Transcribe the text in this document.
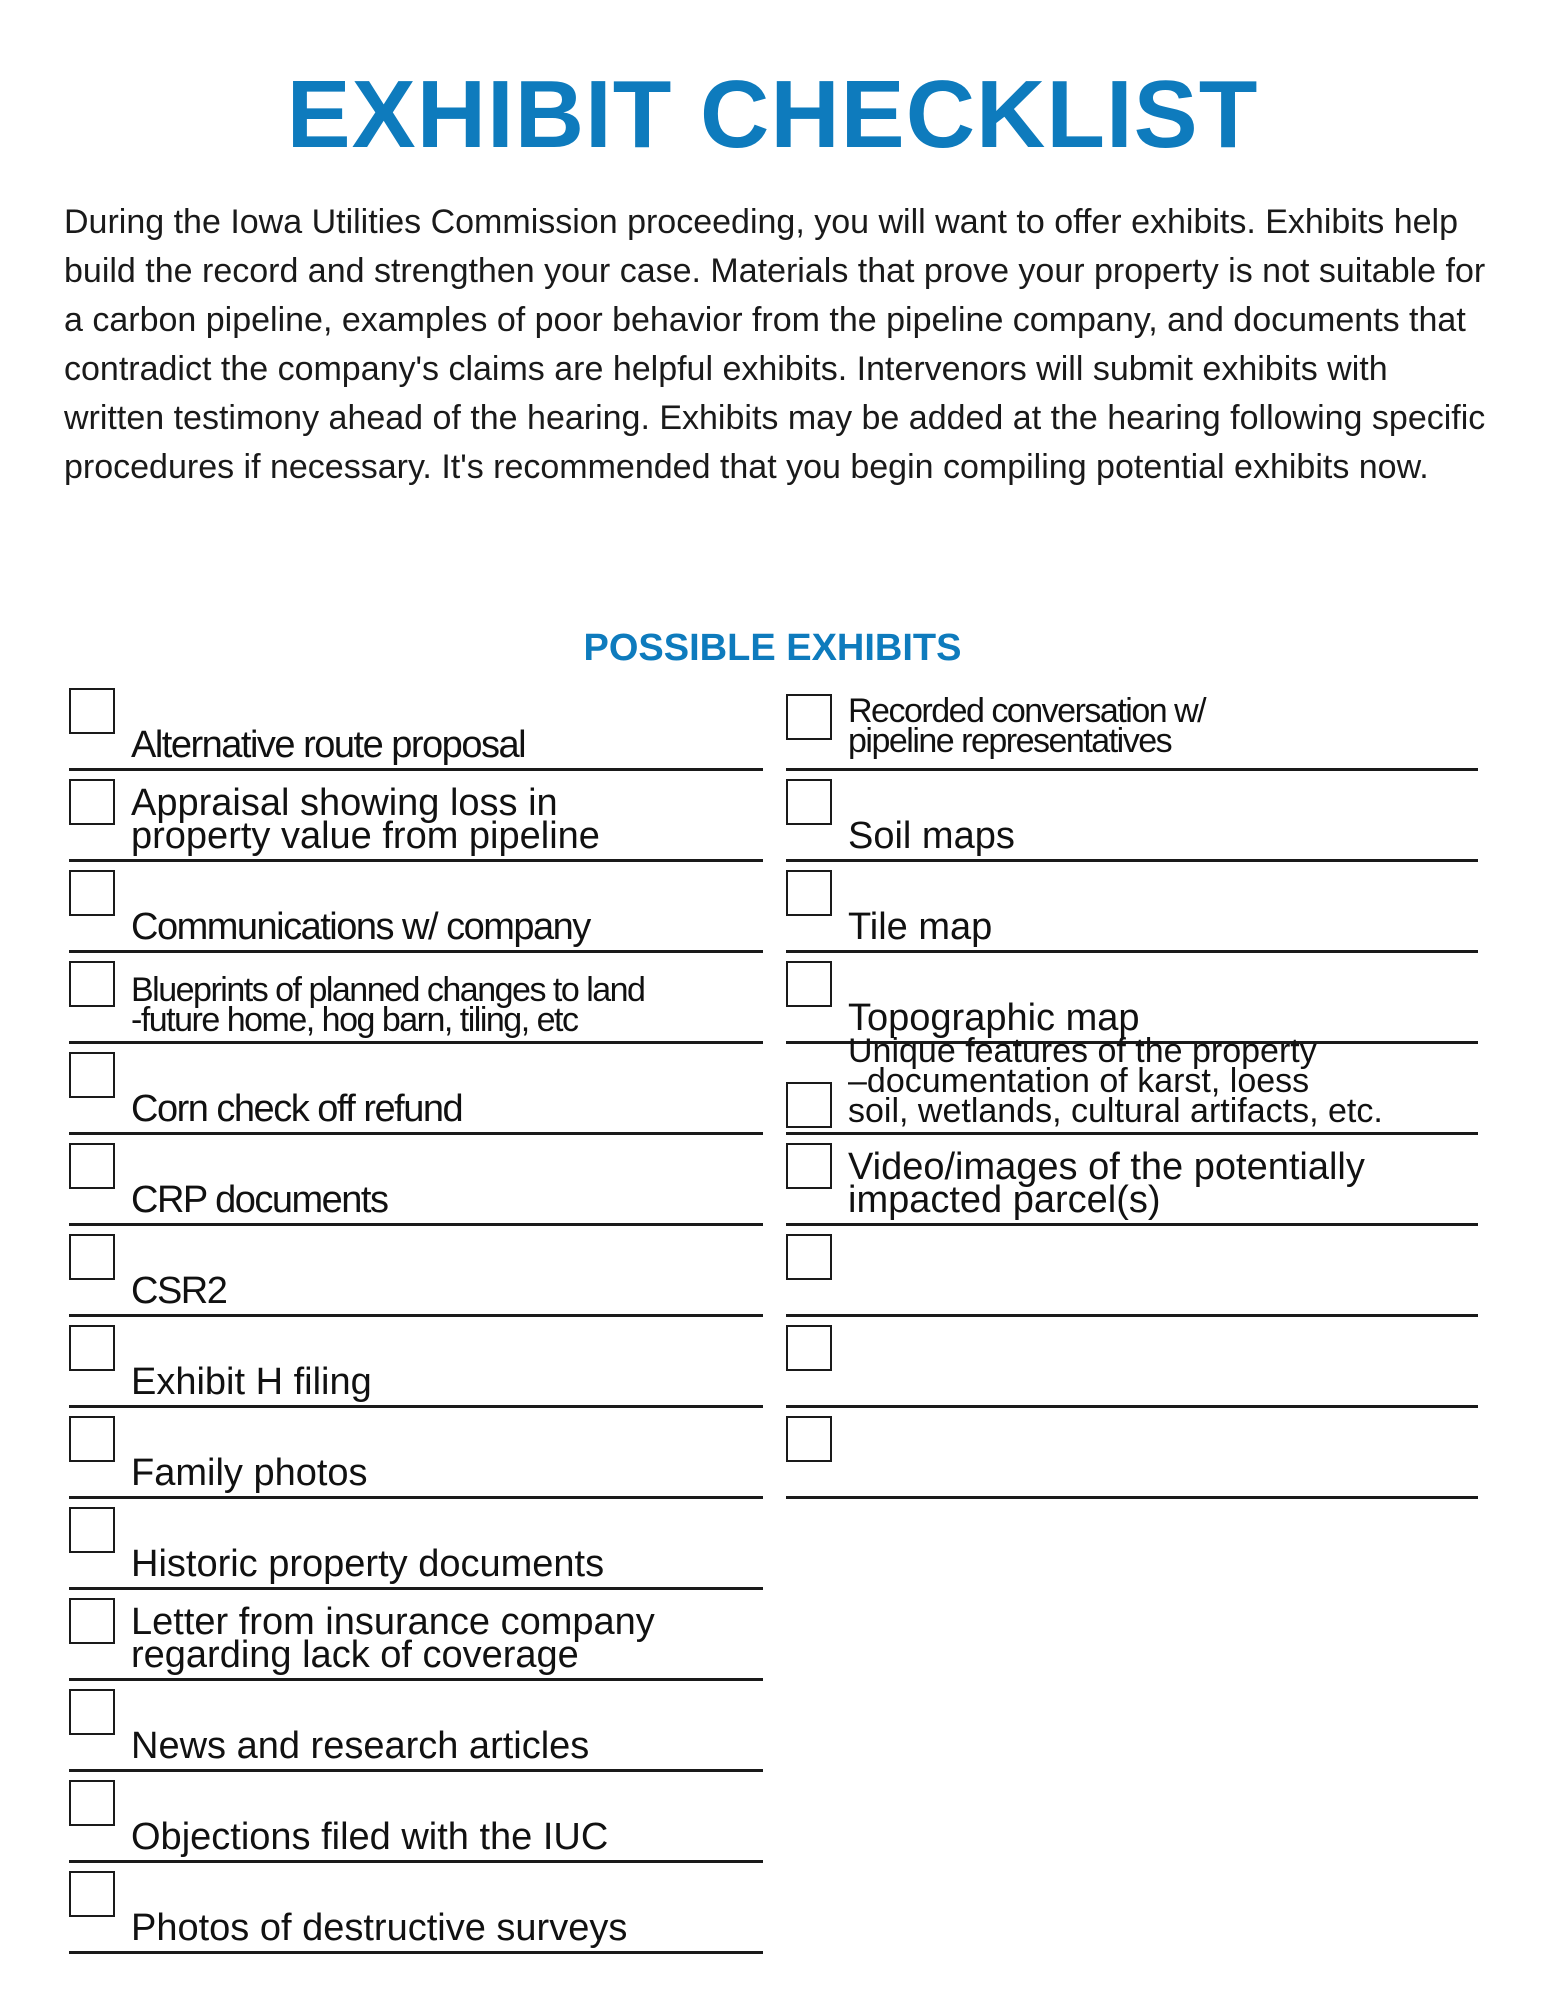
EXHIBIT CHECKLIST

During the Iowa Utilities Commission proceeding, you will want to offer exhibits. Exhibits help build the record and strengthen your case. Materials that prove your property is not suitable for a carbon pipeline, examples of poor behavior from the pipeline company, and documents that contradict the company's claims are helpful exhibits. Intervenors will submit exhibits with written testimony ahead of the hearing. Exhibits may be added at the hearing following specific procedures if necessary. It's recommended that you begin compiling potential exhibits now.

POSSIBLE EXHIBITS
Alternative route proposal
Appraisal showing loss in
property value from pipeline
Communications w/ company
Blueprints of planned changes to land
-future home, hog barn, tiling, etc
Corn check off refund
CRP documents
CSR2
Exhibit H filing
Family photos
Historic property documents
Letter from insurance company
regarding lack of coverage
News and research articles
Objections filed with the IUC
Photos of destructive surveys
Recorded conversation w/
pipeline representatives
Soil maps
Tile map
Topographic map
Unique features of the property
–documentation of karst, loess
soil, wetlands, cultural artifacts, etc.
Video/images of the potentially
impacted parcel(s)
